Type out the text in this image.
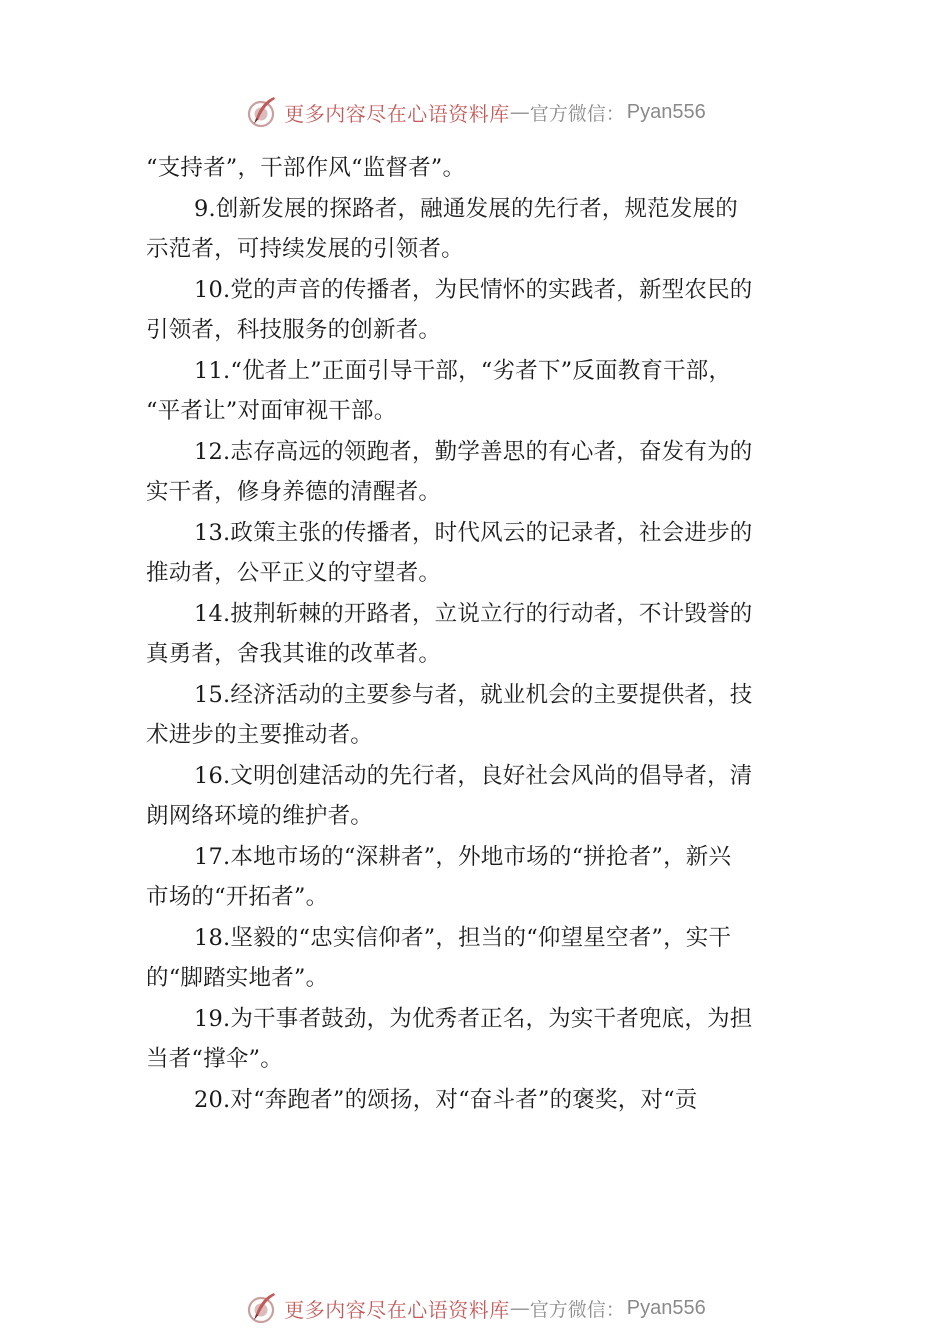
更多内容尽在心语资料库 — 官方微信： Pyan556
“支持者”，干部作风“监督者”。
9.创新发展的探路者，融通发展的先行者，规范发展的
示范者，可持续发展的引领者。
10.党的声音的传播者，为民情怀的实践者，新型农民的
引领者，科技服务的创新者。
11.“优者上”正面引导干部，“劣者下”反面教育干部，
“平者让”对面审视干部。
12.志存高远的领跑者，勤学善思的有心者，奋发有为的
实干者，修身养德的清醒者。
13.政策主张的传播者，时代风云的记录者，社会进步的
推动者，公平正义的守望者。
14.披荆斩棘的开路者，立说立行的行动者，不计毁誉的
真勇者，舍我其谁的改革者。
15.经济活动的主要参与者，就业机会的主要提供者，技
术进步的主要推动者。
16.文明创建活动的先行者，良好社会风尚的倡导者，清
朗网络环境的维护者。
17.本地市场的“深耕者”，外地市场的“拼抢者”，新兴
市场的“开拓者”。
18.坚毅的“忠实信仰者”，担当的“仰望星空者”，实干
的“脚踏实地者”。
19.为干事者鼓劲，为优秀者正名，为实干者兜底，为担
当者“撑伞”。
20.对“奔跑者”的颂扬，对“奋斗者”的褒奖，对“贡
更多内容尽在心语资料库 — 官方微信： Pyan556
